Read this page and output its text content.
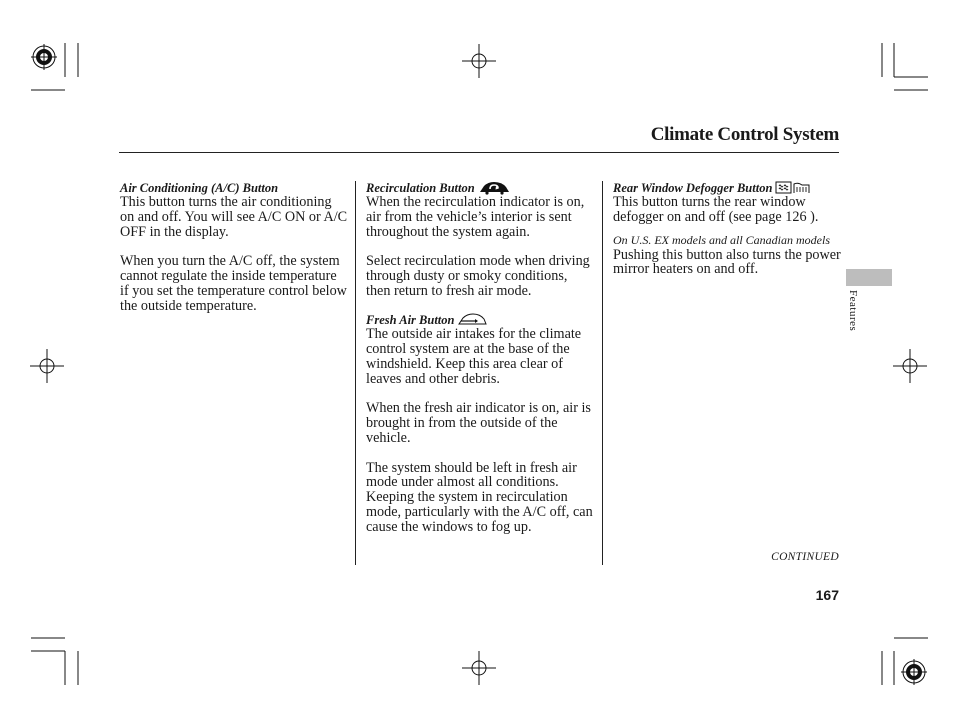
Climate Control System
Air Conditioning (A/C) Button

This button turns the air conditioning on and off. You will see A/C ON or A/C OFF in the display.

When you turn the A/C off, the system cannot regulate the inside temperature if you set the temperature control below the outside temperature.

Recirculation Button

When the recirculation indicator is on, air from the vehicle’s interior is sent throughout the system again.

Select recirculation mode when driving through dusty or smoky conditions, then return to fresh air mode.

Fresh Air Button

The outside air intakes for the climate control system are at the base of the windshield. Keep this area clear of leaves and other debris.

When the fresh air indicator is on, air is brought in from the outside of the vehicle.

The system should be left in fresh air mode under almost all conditions. Keeping the system in recirculation mode, particularly with the A/C off, can cause the windows to fog up.

Rear Window Defogger Button

This button turns the rear window defogger on and off (see page 126 ).

On U.S. EX models and all Canadian models

Pushing this button also turns the power mirror heaters on and off.

Features
CONTINUED
167
